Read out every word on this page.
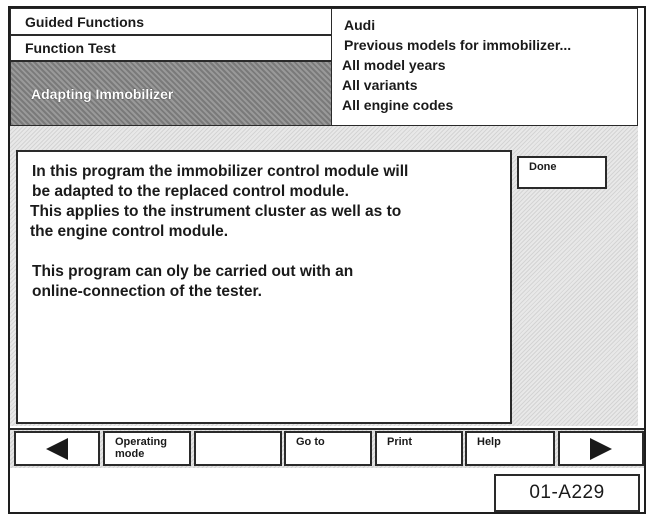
Guided Functions
Function Test
Adapting Immobilizer
Audi
Previous models for immobilizer...
All model years
All variants
All engine codes

In this program the immobilizer control module will

be adapted to the replaced control module.

This applies to the instrument cluster as well as to

the engine control module.

This program can oly be carried out with an

online-connection of the tester.

Done
Operating
mode
Go to	Print	Help
01-A229
